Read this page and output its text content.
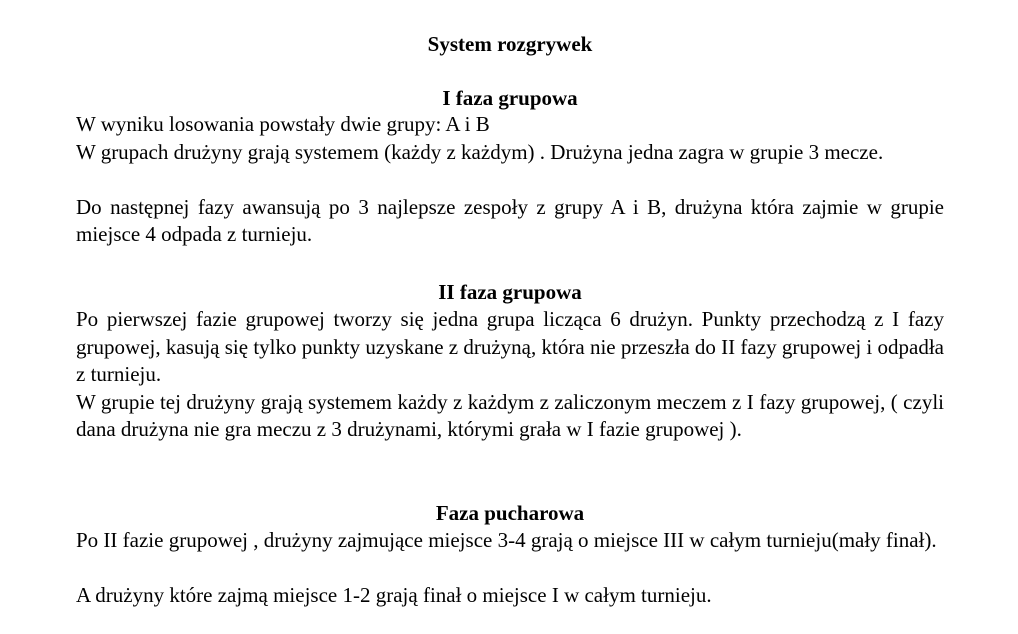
System rozgrywek
I faza grupowa

W wyniku losowania powstały dwie grupy: A i B

W grupach drużyny grają systemem (każdy z każdym) . Drużyna jedna zagra w grupie 3 mecze.

Do następnej fazy awansują po 3 najlepsze zespoły z grupy A i B, drużyna która zajmie w grupie miejsce 4 odpada z turnieju.

II faza grupowa

Po pierwszej fazie grupowej tworzy się jedna grupa licząca 6 drużyn. Punkty przechodzą z I fazy grupowej, kasują się tylko punkty uzyskane z drużyną, która nie przeszła do II fazy grupowej i odpadła z turnieju.

W grupie tej drużyny grają systemem każdy z każdym z zaliczonym meczem z I fazy grupowej, ( czyli dana drużyna nie gra meczu z 3 drużynami, którymi grała w I fazie grupowej ).

Faza pucharowa

Po II fazie grupowej , drużyny zajmujące miejsce 3-4 grają o miejsce III w całym turnieju(mały finał).

A drużyny które zajmą miejsce 1-2 grają finał o miejsce I w całym turnieju.
